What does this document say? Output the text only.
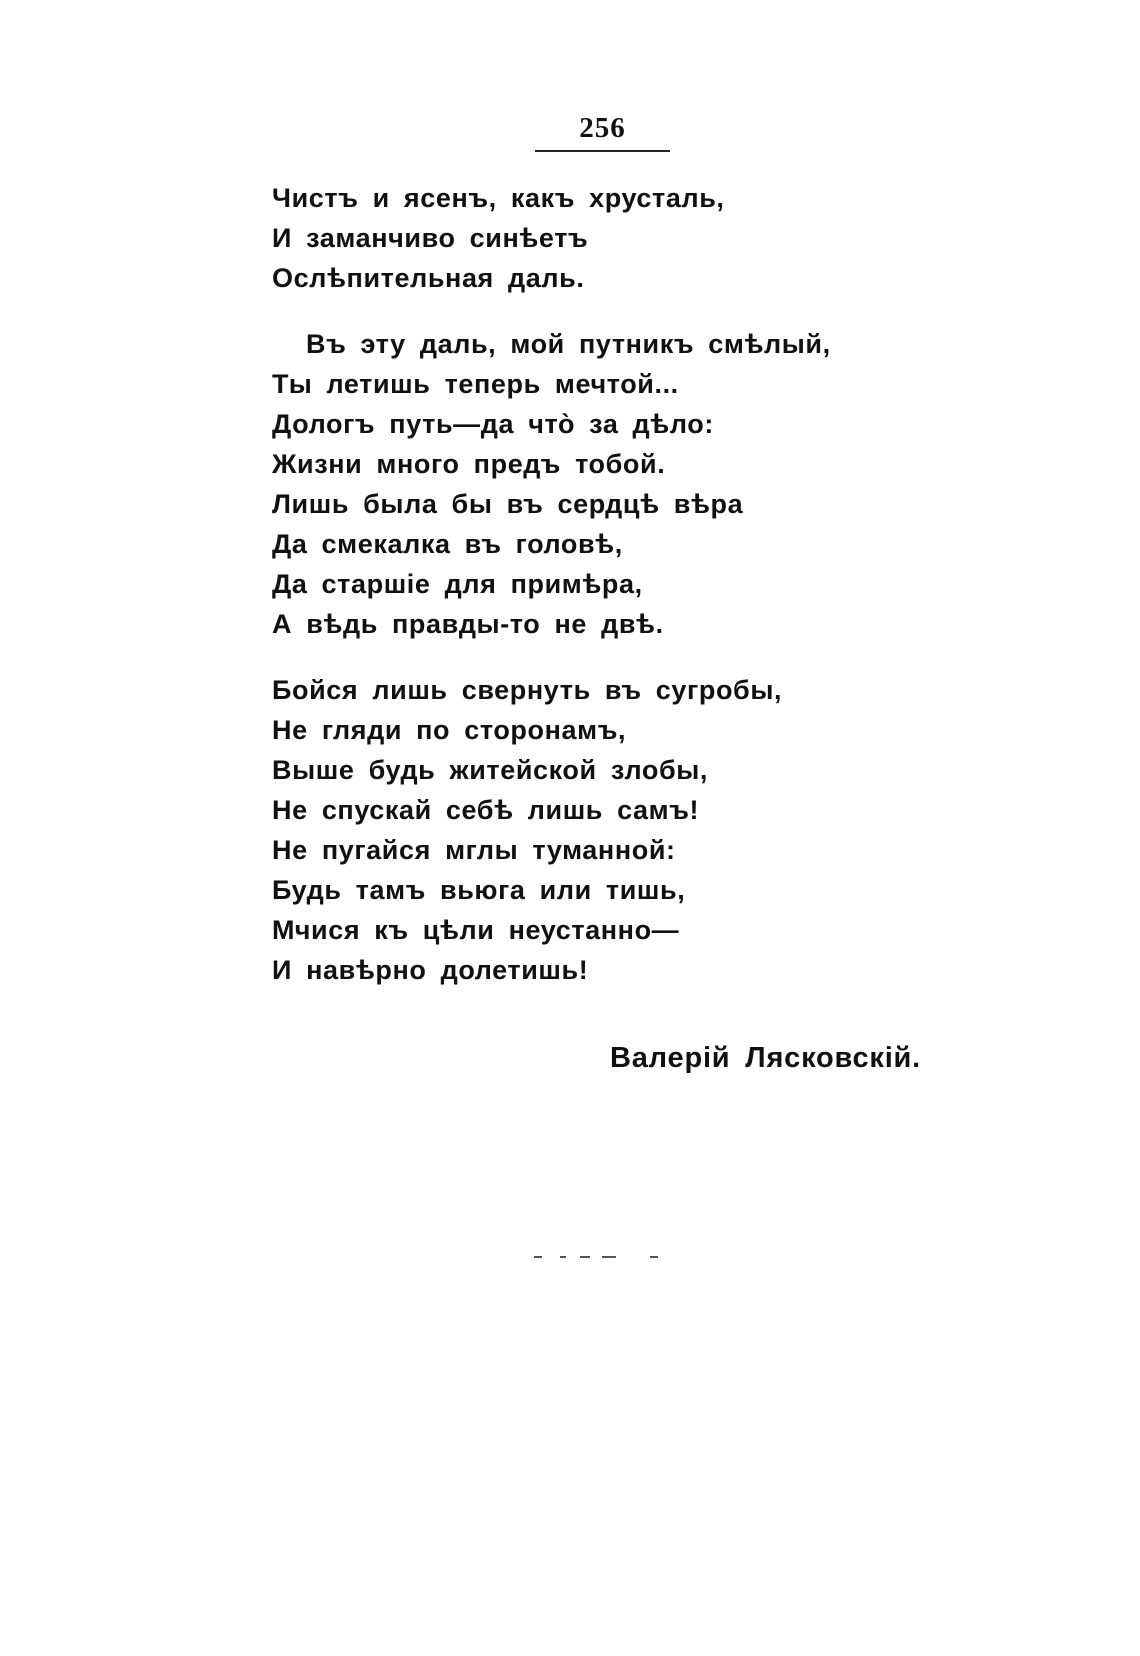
256
Чистъ и ясенъ, какъ хрусталь,
И заманчиво синѣетъ
Ослѣпительная даль.
Въ эту даль, мой путникъ смѣлый,
Ты летишь теперь мечтой...
Дологъ путь—да что̀ за дѣло:
Жизни много предъ тобой.
Лишь была бы въ сердцѣ вѣра
Да смекалка въ головѣ,
Да старшіе для примѣра,
А вѣдь правды-то не двѣ.
Бойся лишь свернуть въ сугробы,
Не гляди по сторонамъ,
Выше будь житейской злобы,
Не спускай себѣ лишь самъ!
Не пугайся мглы туманной:
Будь тамъ вьюга или тишь,
Мчися къ цѣли неустанно—
И навѣрно долетишь!
Валерій Лясковскій.
